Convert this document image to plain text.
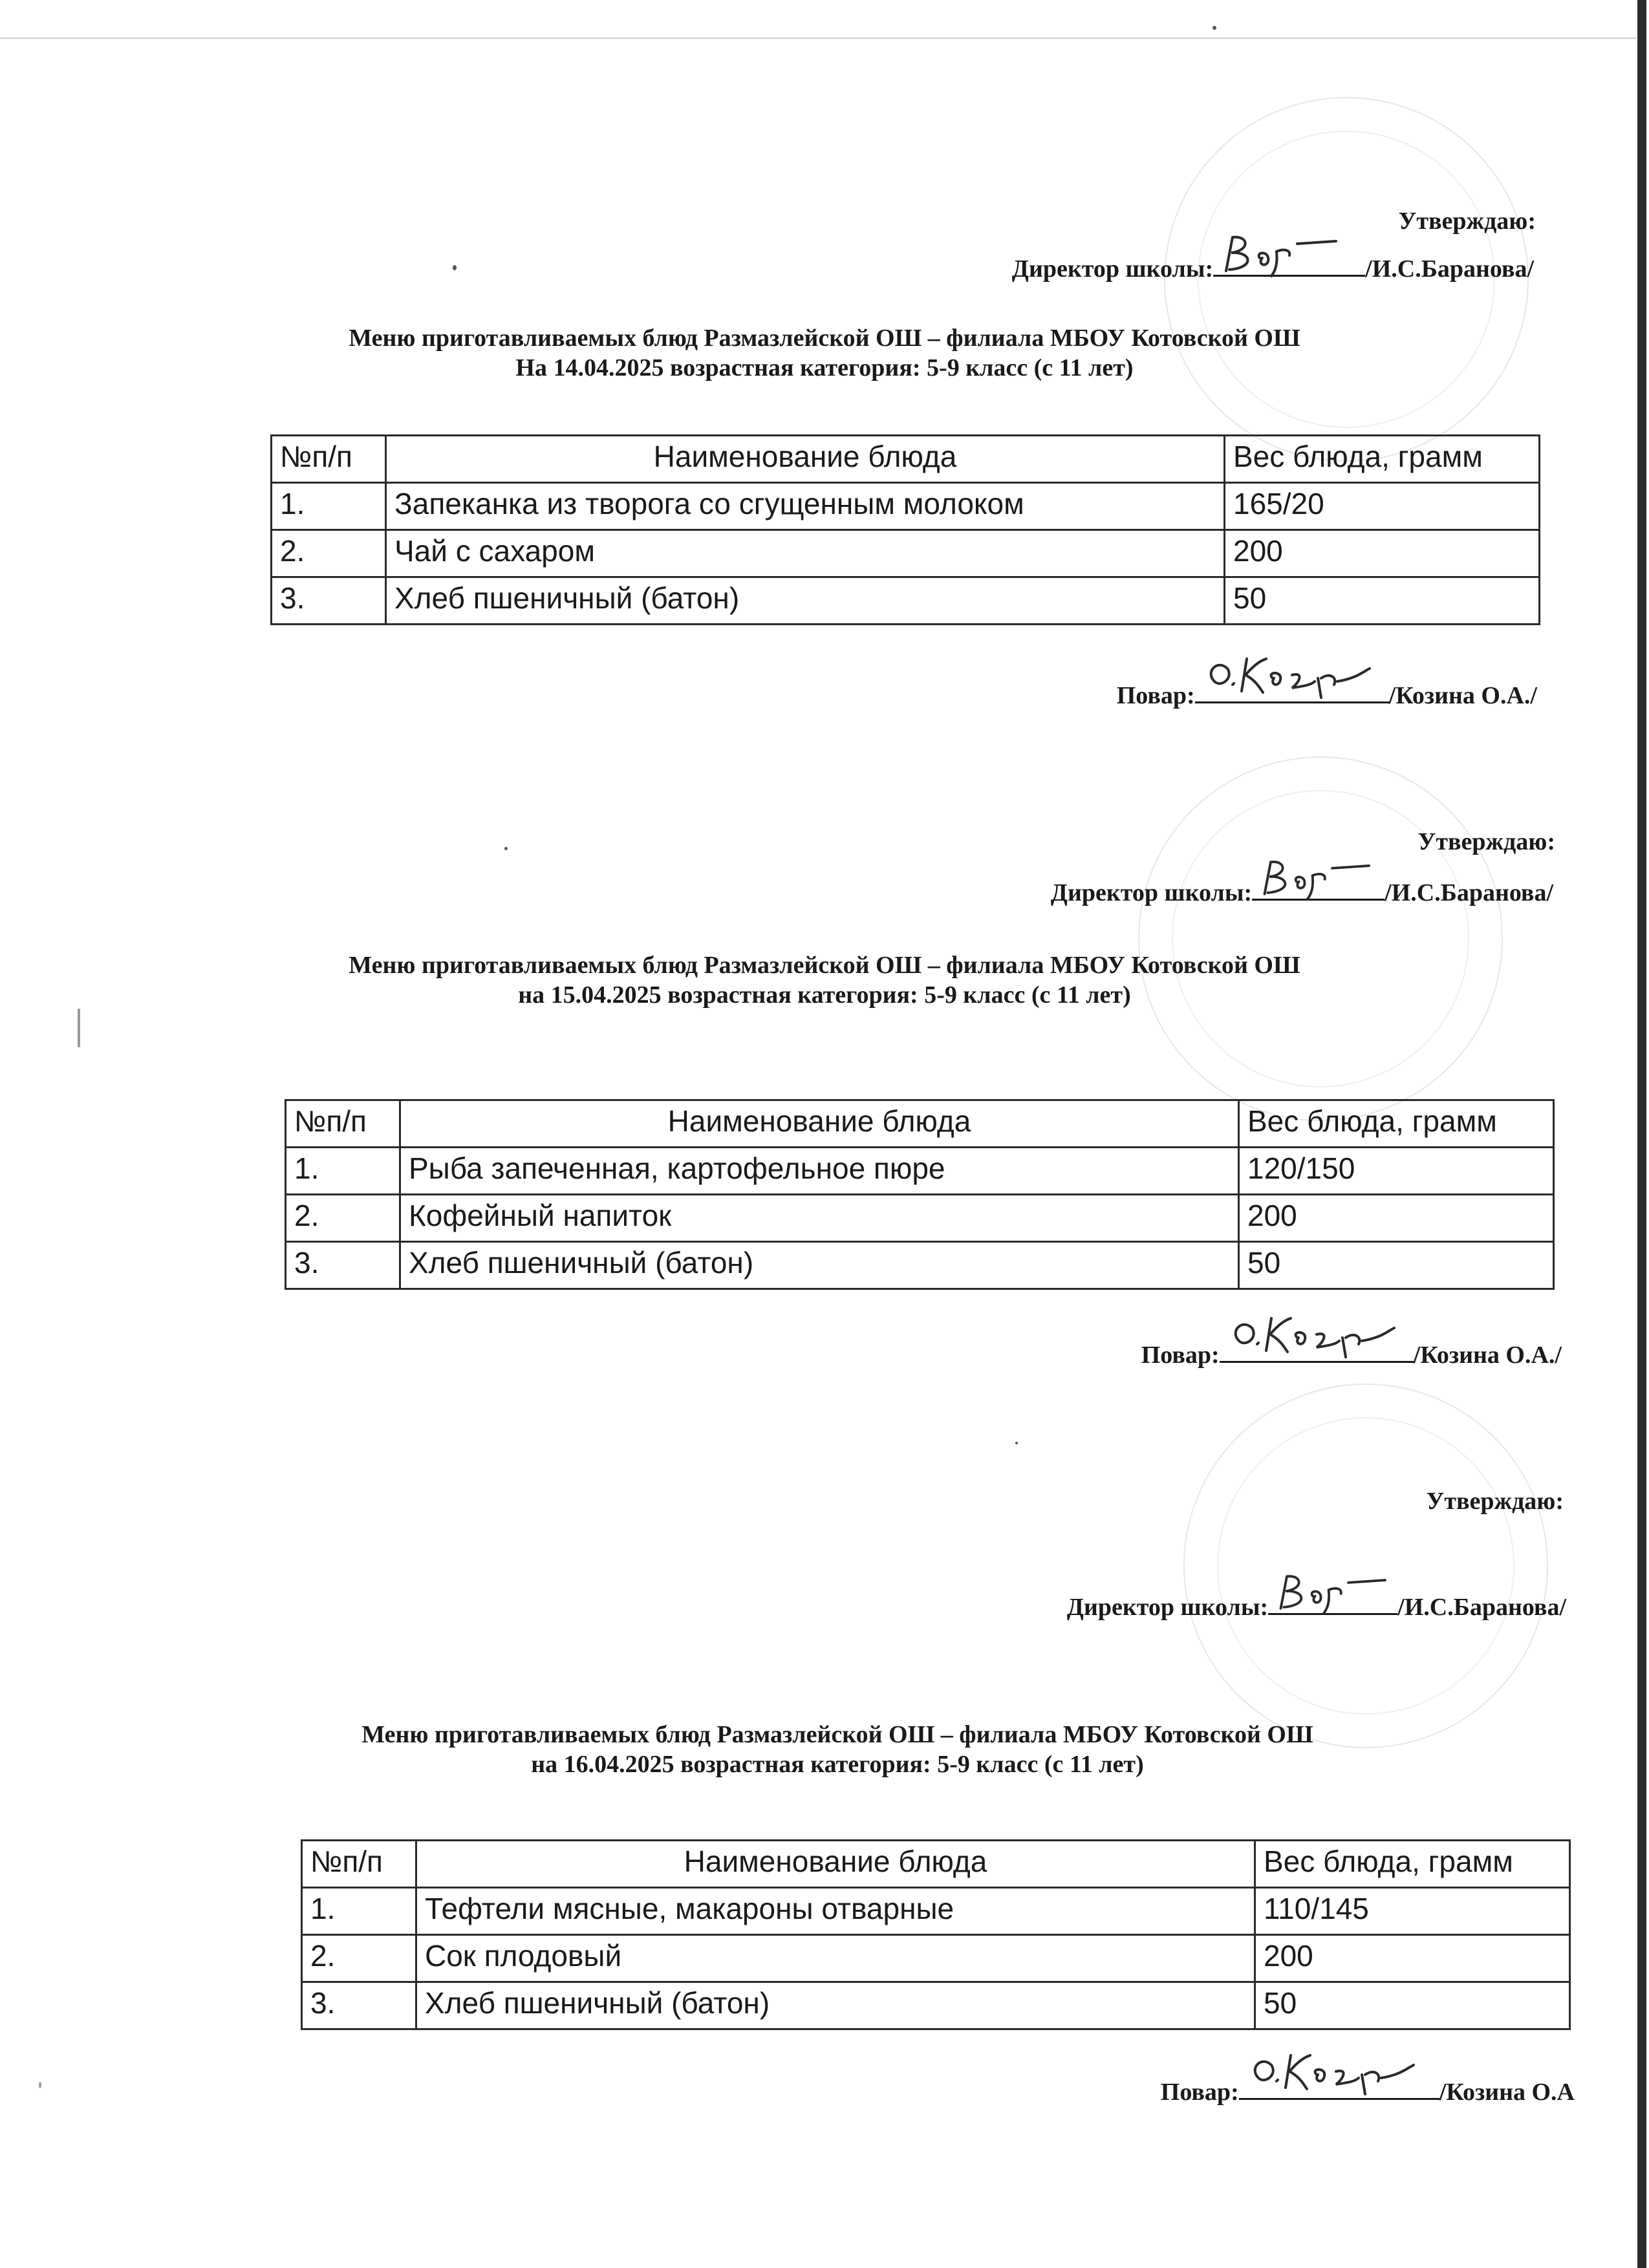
Утверждаю:
Директор школы:	/И.С.Баранова/
Меню приготавливаемых блюд Размазлейской ОШ – филиала МБОУ Котовской ОШ
На 14.04.2025 возрастная категория: 5-9 класс (с 11 лет)
№п/п	Наименование блюда	Вес блюда, грамм
1.	Запеканка из творога со сгущенным молоком	165/20
2.	Чай с сахаром	200
3.	Хлеб пшеничный (батон)	50
Повар:	/Козина О.А./
Утверждаю:
Директор школы:	/И.С.Баранова/
Меню приготавливаемых блюд Размазлейской ОШ – филиала МБОУ Котовской ОШ
на 15.04.2025 возрастная категория: 5-9 класс (с 11 лет)
№п/п	Наименование блюда	Вес блюда, грамм
1.	Рыба запеченная, картофельное пюре	120/150
2.	Кофейный напиток	200
3.	Хлеб пшеничный (батон)	50
Повар:	/Козина О.А./
Утверждаю:
Директор школы:	/И.С.Баранова/
Меню приготавливаемых блюд Размазлейской ОШ – филиала МБОУ Котовской ОШ
на 16.04.2025 возрастная категория: 5-9 класс (с 11 лет)
№п/п	Наименование блюда	Вес блюда, грамм
1.	Тефтели мясные, макароны отварные	110/145
2.	Сок плодовый	200
3.	Хлеб пшеничный (батон)	50
Повар:	/Козина О.А
